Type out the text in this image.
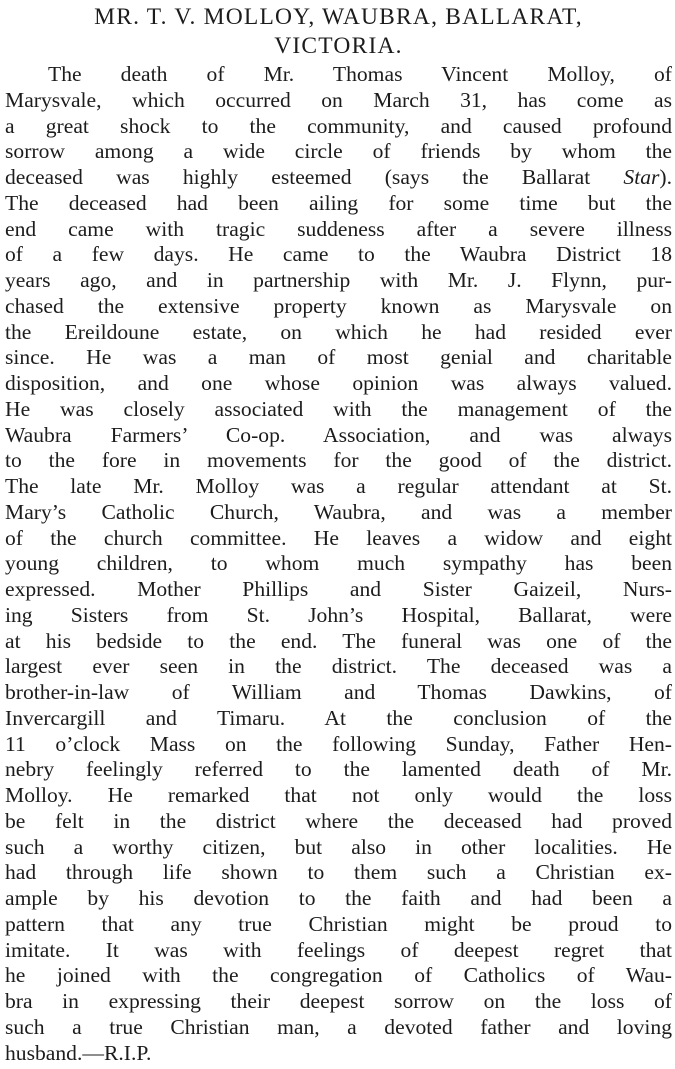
MR. T. V. MOLLOY, WAUBRA, BALLARAT,
VICTORIA.

The death of Mr. Thomas Vincent Molloy, of
Marysvale, which occurred on March 31, has come as
a great shock to the community, and caused profound
sorrow among a wide circle of friends by whom the
deceased was highly esteemed (says the Ballarat Star).
The deceased had been ailing for some time but the
end came with tragic suddeness after a severe illness
of a few days. He came to the Waubra District 18
years ago, and in partnership with Mr. J. Flynn, pur-
chased the extensive property known as Marysvale on
the Ereildoune estate, on which he had resided ever
since. He was a man of most genial and charitable
disposition, and one whose opinion was always valued.
He was closely associated with the management of the
Waubra Farmers’ Co-op. Association, and was always
to the fore in movements for the good of the district.
The late Mr. Molloy was a regular attendant at St.
Mary’s Catholic Church, Waubra, and was a member
of the church committee. He leaves a widow and eight
young children, to whom much sympathy has been
expressed. Mother Phillips and Sister Gaizeil, Nurs-
ing Sisters from St. John’s Hospital, Ballarat, were
at his bedside to the end. The funeral was one of the
largest ever seen in the district. The deceased was a
brother-in-law of William and Thomas Dawkins, of
Invercargill and Timaru. At the conclusion of the
11 o’clock Mass on the following Sunday, Father Hen-
nebry feelingly referred to the lamented death of Mr.
Molloy. He remarked that not only would the loss
be felt in the district where the deceased had proved
such a worthy citizen, but also in other localities. He
had through life shown to them such a Christian ex-
ample by his devotion to the faith and had been a
pattern that any true Christian might be proud to
imitate. It was with feelings of deepest regret that
he joined with the congregation of Catholics of Wau-
bra in expressing their deepest sorrow on the loss of
such a true Christian man, a devoted father and loving
husband.—R.I.P.
